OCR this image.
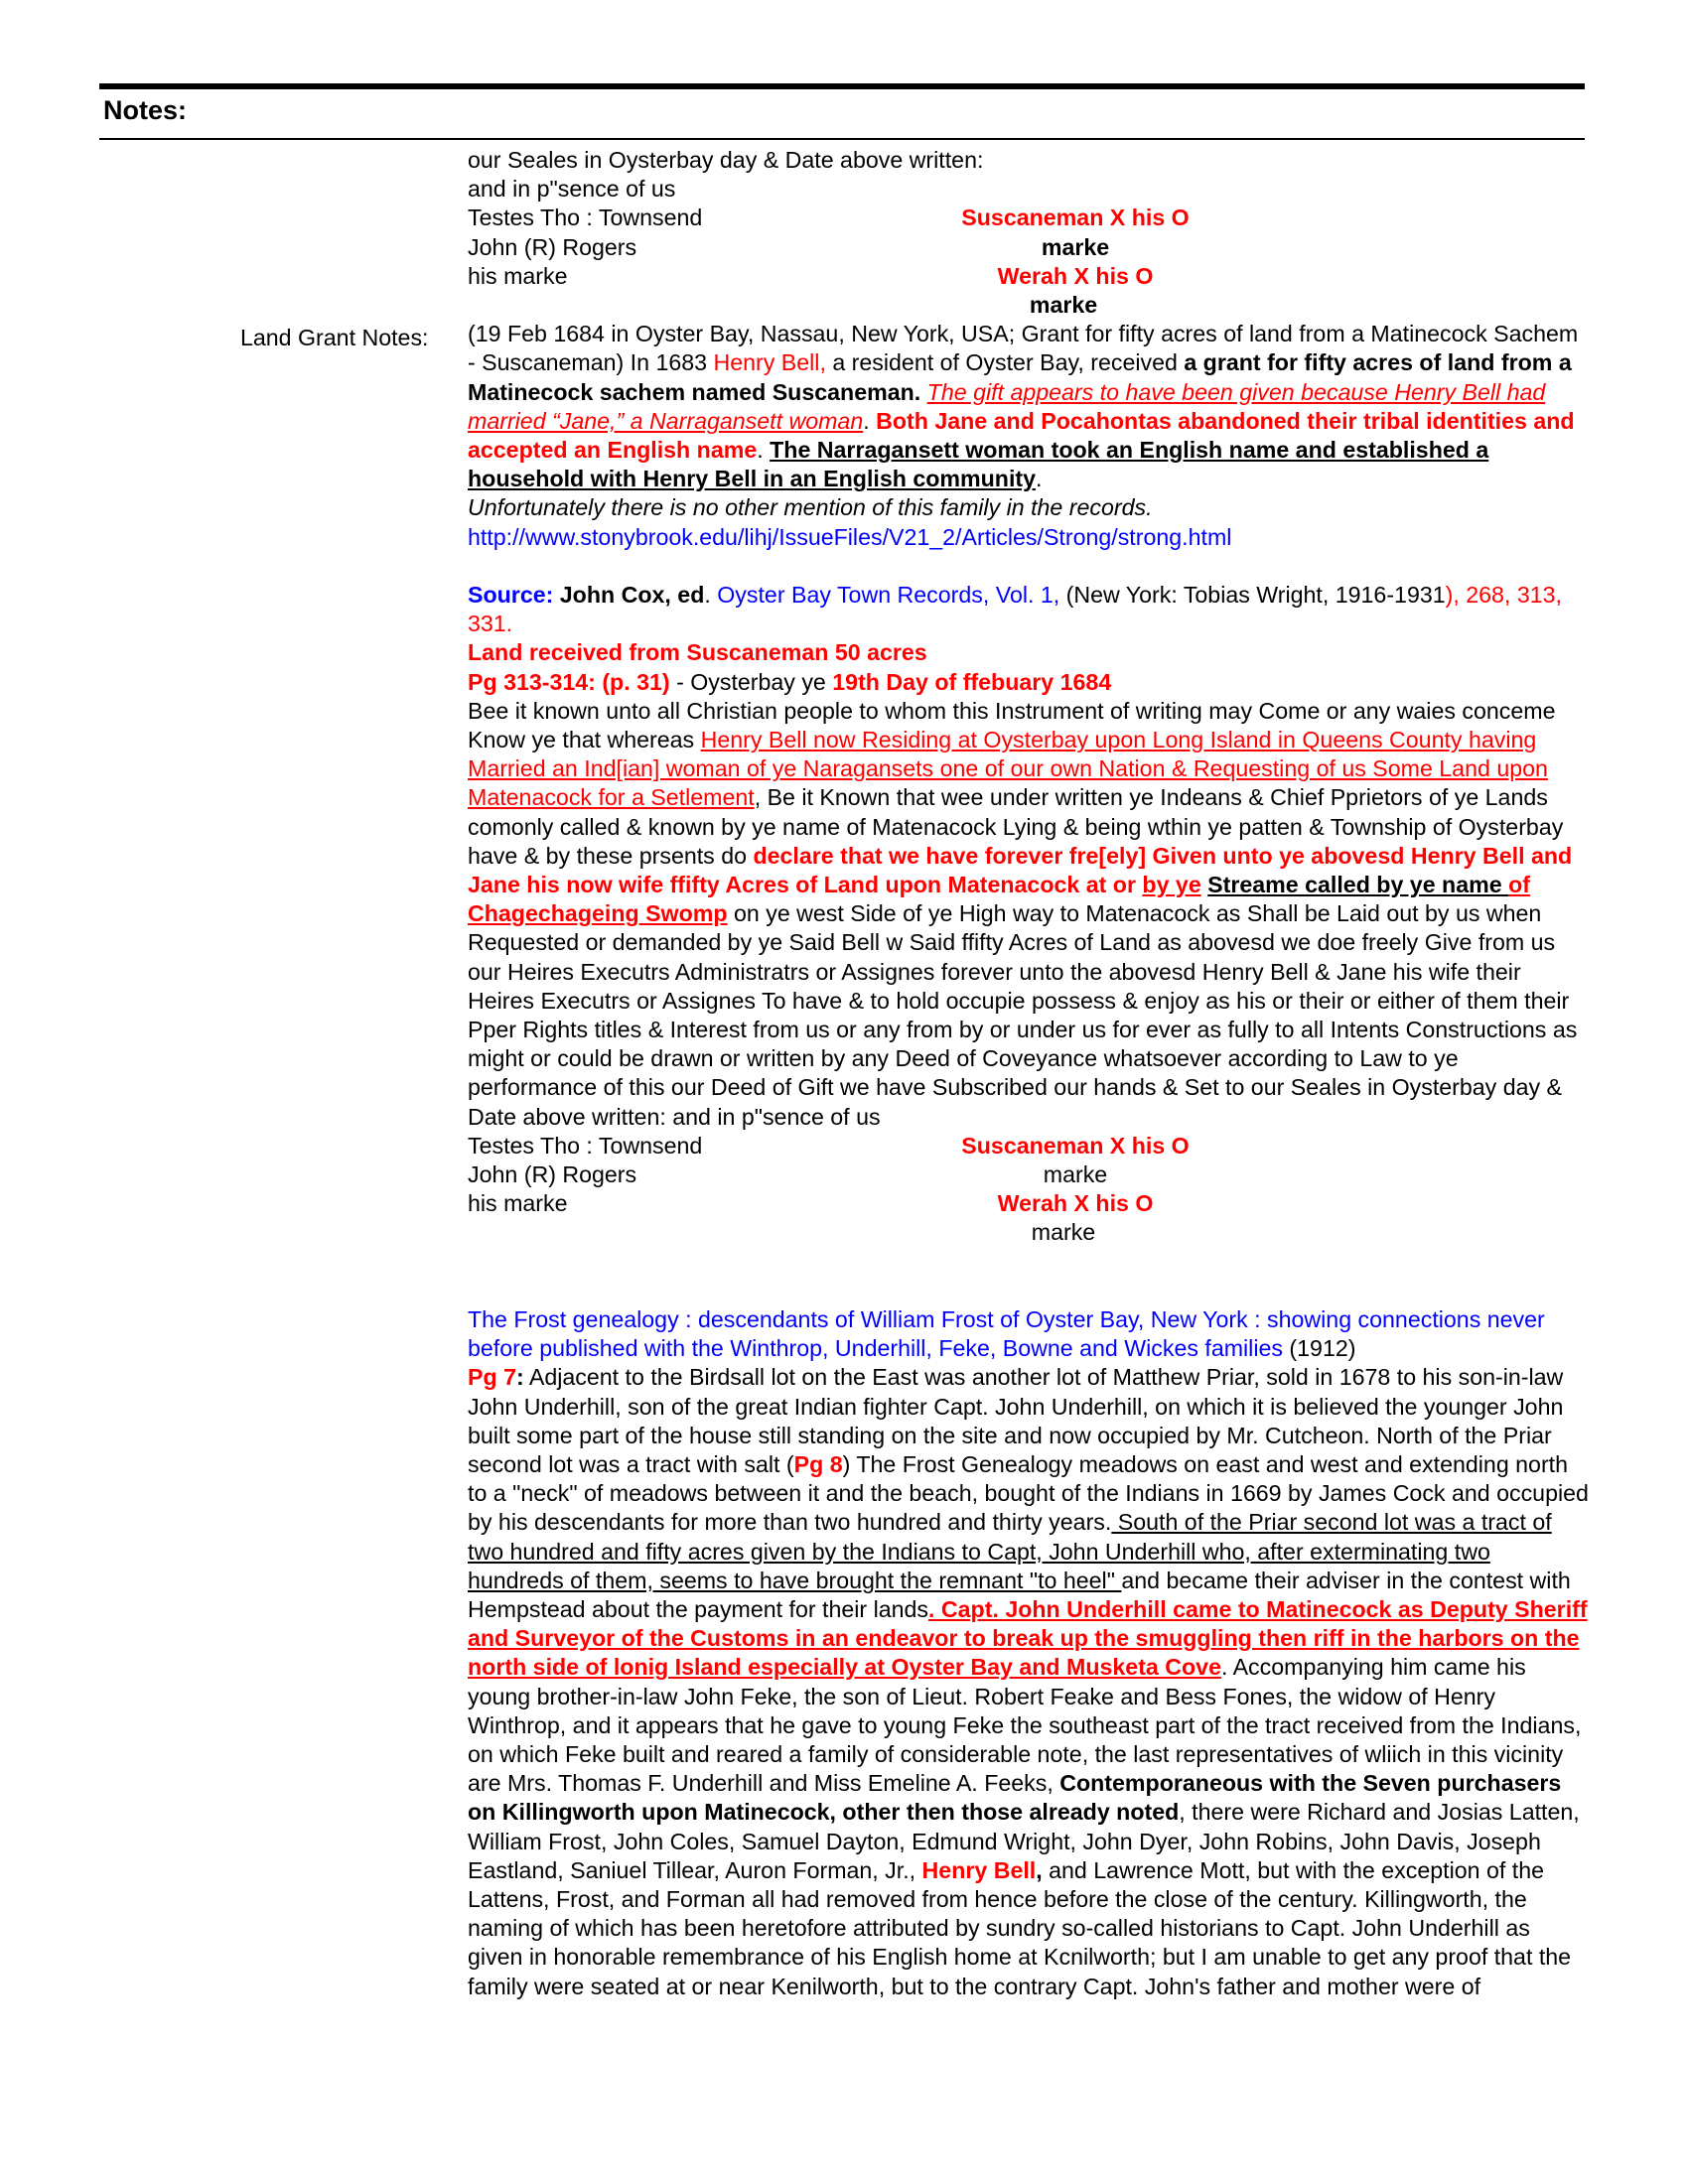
Notes:
Land Grant Notes:
our Seales in Oysterbay day & Date above written:
and in p"sence of us
Testes Tho : Townsend	Suscaneman X his O
John (R) Rogers	marke
his marke	Werah X his O
marke

(19 Feb 1684 in Oyster Bay, Nassau, New York, USA; Grant for fifty acres of land from a Matinecock Sachem - Suscaneman) In 1683 Henry Bell, a resident of Oyster Bay, received a grant for fifty acres of land from a Matinecock sachem named Suscaneman. The gift appears to have been given because Henry Bell had married “Jane,” a Narragansett woman. Both Jane and Pocahontas abandoned their tribal identities and accepted an English name. The Narragansett woman took an English name and established a household with Henry Bell in an English community.

Unfortunately there is no other mention of this family in the records.

http://www.stonybrook.edu/lihj/IssueFiles/V21_2/Articles/Strong/strong.html

Source: John Cox, ed. Oyster Bay Town Records, Vol. 1, (New York: Tobias Wright, 1916-1931), 268, 313, 331.

Land received from Suscaneman 50 acres

Pg 313-314: (p. 31) - Oysterbay ye 19th Day of ffebuary 1684

Bee it known unto all Christian people to whom this Instrument of writing may Come or any waies conceme Know ye that whereas Henry Bell now Residing at Oysterbay upon Long Island in Queens County having Married an Ind[ian] woman of ye Naragansets one of our own Nation & Requesting of us Some Land upon Matenacock for a Setlement, Be it Known that wee under written ye Indeans & Chief Pprietors of ye Lands comonly called & known by ye name of Matenacock Lying & being wthin ye patten & Township of Oysterbay have & by these prsents do declare that we have forever fre[ely] Given unto ye abovesd Henry Bell and Jane his now wife ffifty Acres of Land upon Matenacock at or by ye Streame called by ye name of Chagechageing Swomp on ye west Side of ye High way to Matenacock as Shall be Laid out by us when Requested or demanded by ye Said Bell w Said ffifty Acres of Land as abovesd we doe freely Give from us our Heires Executrs Administratrs or Assignes forever unto the abovesd Henry Bell & Jane his wife their Heires Executrs or Assignes To have & to hold occupie possess & enjoy as his or their or either of them their Pper Rights titles & Interest from us or any from by or under us for ever as fully to all Intents Constructions as might or could be drawn or written by any Deed of Coveyance whatsoever according to Law to ye performance of this our Deed of Gift we have Subscribed our hands & Set to our Seales in Oysterbay day & Date above written: and in p"sence of us

Testes Tho : Townsend	Suscaneman X his O
John (R) Rogers	marke
his marke	Werah X his O
marke

The Frost genealogy : descendants of William Frost of Oyster Bay, New York : showing connections never before published with the Winthrop, Underhill, Feke, Bowne and Wickes families (1912)

Pg 7: Adjacent to the Birdsall lot on the East was another lot of Matthew Priar, sold in 1678 to his son-in-law John Underhill, son of the great Indian fighter Capt. John Underhill, on which it is believed the younger John built some part of the house still standing on the site and now occupied by Mr. Cutcheon. North of the Priar second lot was a tract with salt (Pg 8) The Frost Genealogy meadows on east and west and extending north to a "neck" of meadows between it and the beach, bought of the Indians in 1669 by James Cock and occupied by his descendants for more than two hundred and thirty years. South of the Priar second lot was a tract of two hundred and fifty acres given by the Indians to Capt, John Underhill who, after exterminating two hundreds of them, seems to have brought the remnant "to heel" and became their adviser in the contest with Hempstead about the payment for their lands. Capt. John Underhill came to Matinecock as Deputy Sheriff and Surveyor of the Customs in an endeavor to break up the smuggling then riff in the harbors on the north side of lonig Island especially at Oyster Bay and Musketa Cove. Accompanying him came his young brother-in-law John Feke, the son of Lieut. Robert Feake and Bess Fones, the widow of Henry Winthrop, and it appears that he gave to young Feke the southeast part of the tract received from the Indians, on which Feke built and reared a family of considerable note, the last representatives of wliich in this vicinity are Mrs. Thomas F. Underhill and Miss Emeline A. Feeks, Contemporaneous with the Seven purchasers on Killingworth upon Matinecock, other then those already noted, there were Richard and Josias Latten, William Frost, John Coles, Samuel Dayton, Edmund Wright, John Dyer, John Robins, John Davis, Joseph Eastland, Saniuel Tillear, Auron Forman, Jr., Henry Bell, and Lawrence Mott, but with the exception of the Lattens, Frost, and Forman all had removed from hence before the close of the century. Killingworth, the naming of which has been heretofore attributed by sundry so-called historians to Capt. John Underhill as given in honorable remembrance of his English home at Kcnilworth; but I am unable to get any proof that the family were seated at or near Kenilworth, but to the contrary Capt. John's father and mother were of
